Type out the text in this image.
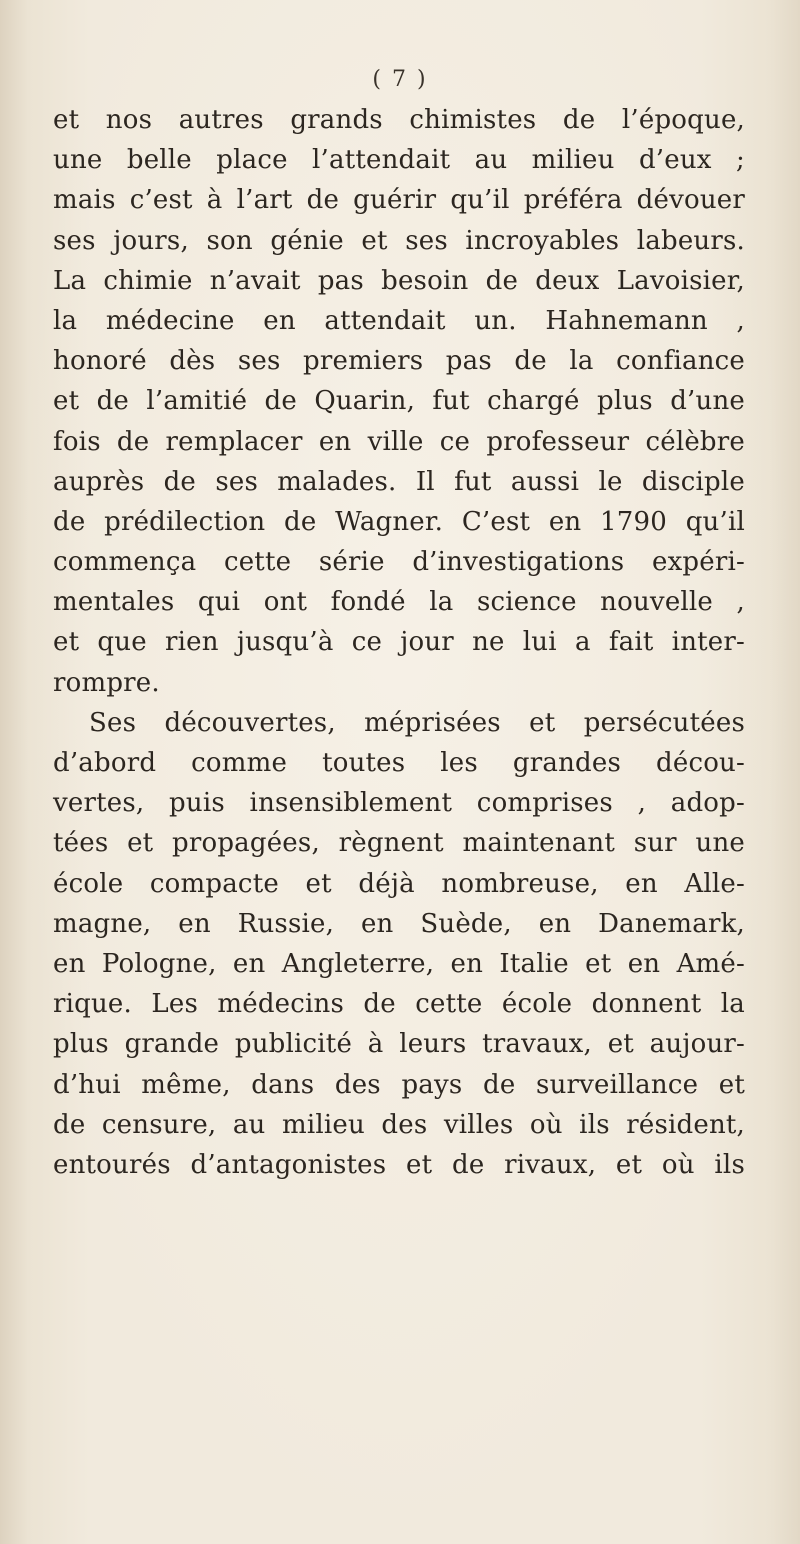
( 7 )
et nos autres grands chimistes de l’époque,
une belle place l’attendait au milieu d’eux ;
mais c’est à l’art de guérir qu’il préféra dévouer
ses jours, son génie et ses incroyables labeurs.
La chimie n’avait pas besoin de deux Lavoisier,
la médecine en attendait un. Hahnemann ,
honoré dès ses premiers pas de la confiance
et de l’amitié de Quarin, fut chargé plus d’une
fois de remplacer en ville ce professeur célèbre
auprès de ses malades. Il fut aussi le disciple
de prédilection de Wagner. C’est en 1790 qu’il
commença cette série d’investigations expéri-
mentales qui ont fondé la science nouvelle ,
et que rien jusqu’à ce jour ne lui a fait inter-
rompre.
Ses découvertes, méprisées et persécutées
d’abord comme toutes les grandes décou-
vertes, puis insensiblement comprises , adop-
tées et propagées, règnent maintenant sur une
école compacte et déjà nombreuse, en Alle-
magne, en Russie, en Suède, en Danemark,
en Pologne, en Angleterre, en Italie et en Amé-
rique. Les médecins de cette école donnent la
plus grande publicité à leurs travaux, et aujour-
d’hui même, dans des pays de surveillance et
de censure, au milieu des villes où ils résident,
entourés d’antagonistes et de rivaux, et où ils
